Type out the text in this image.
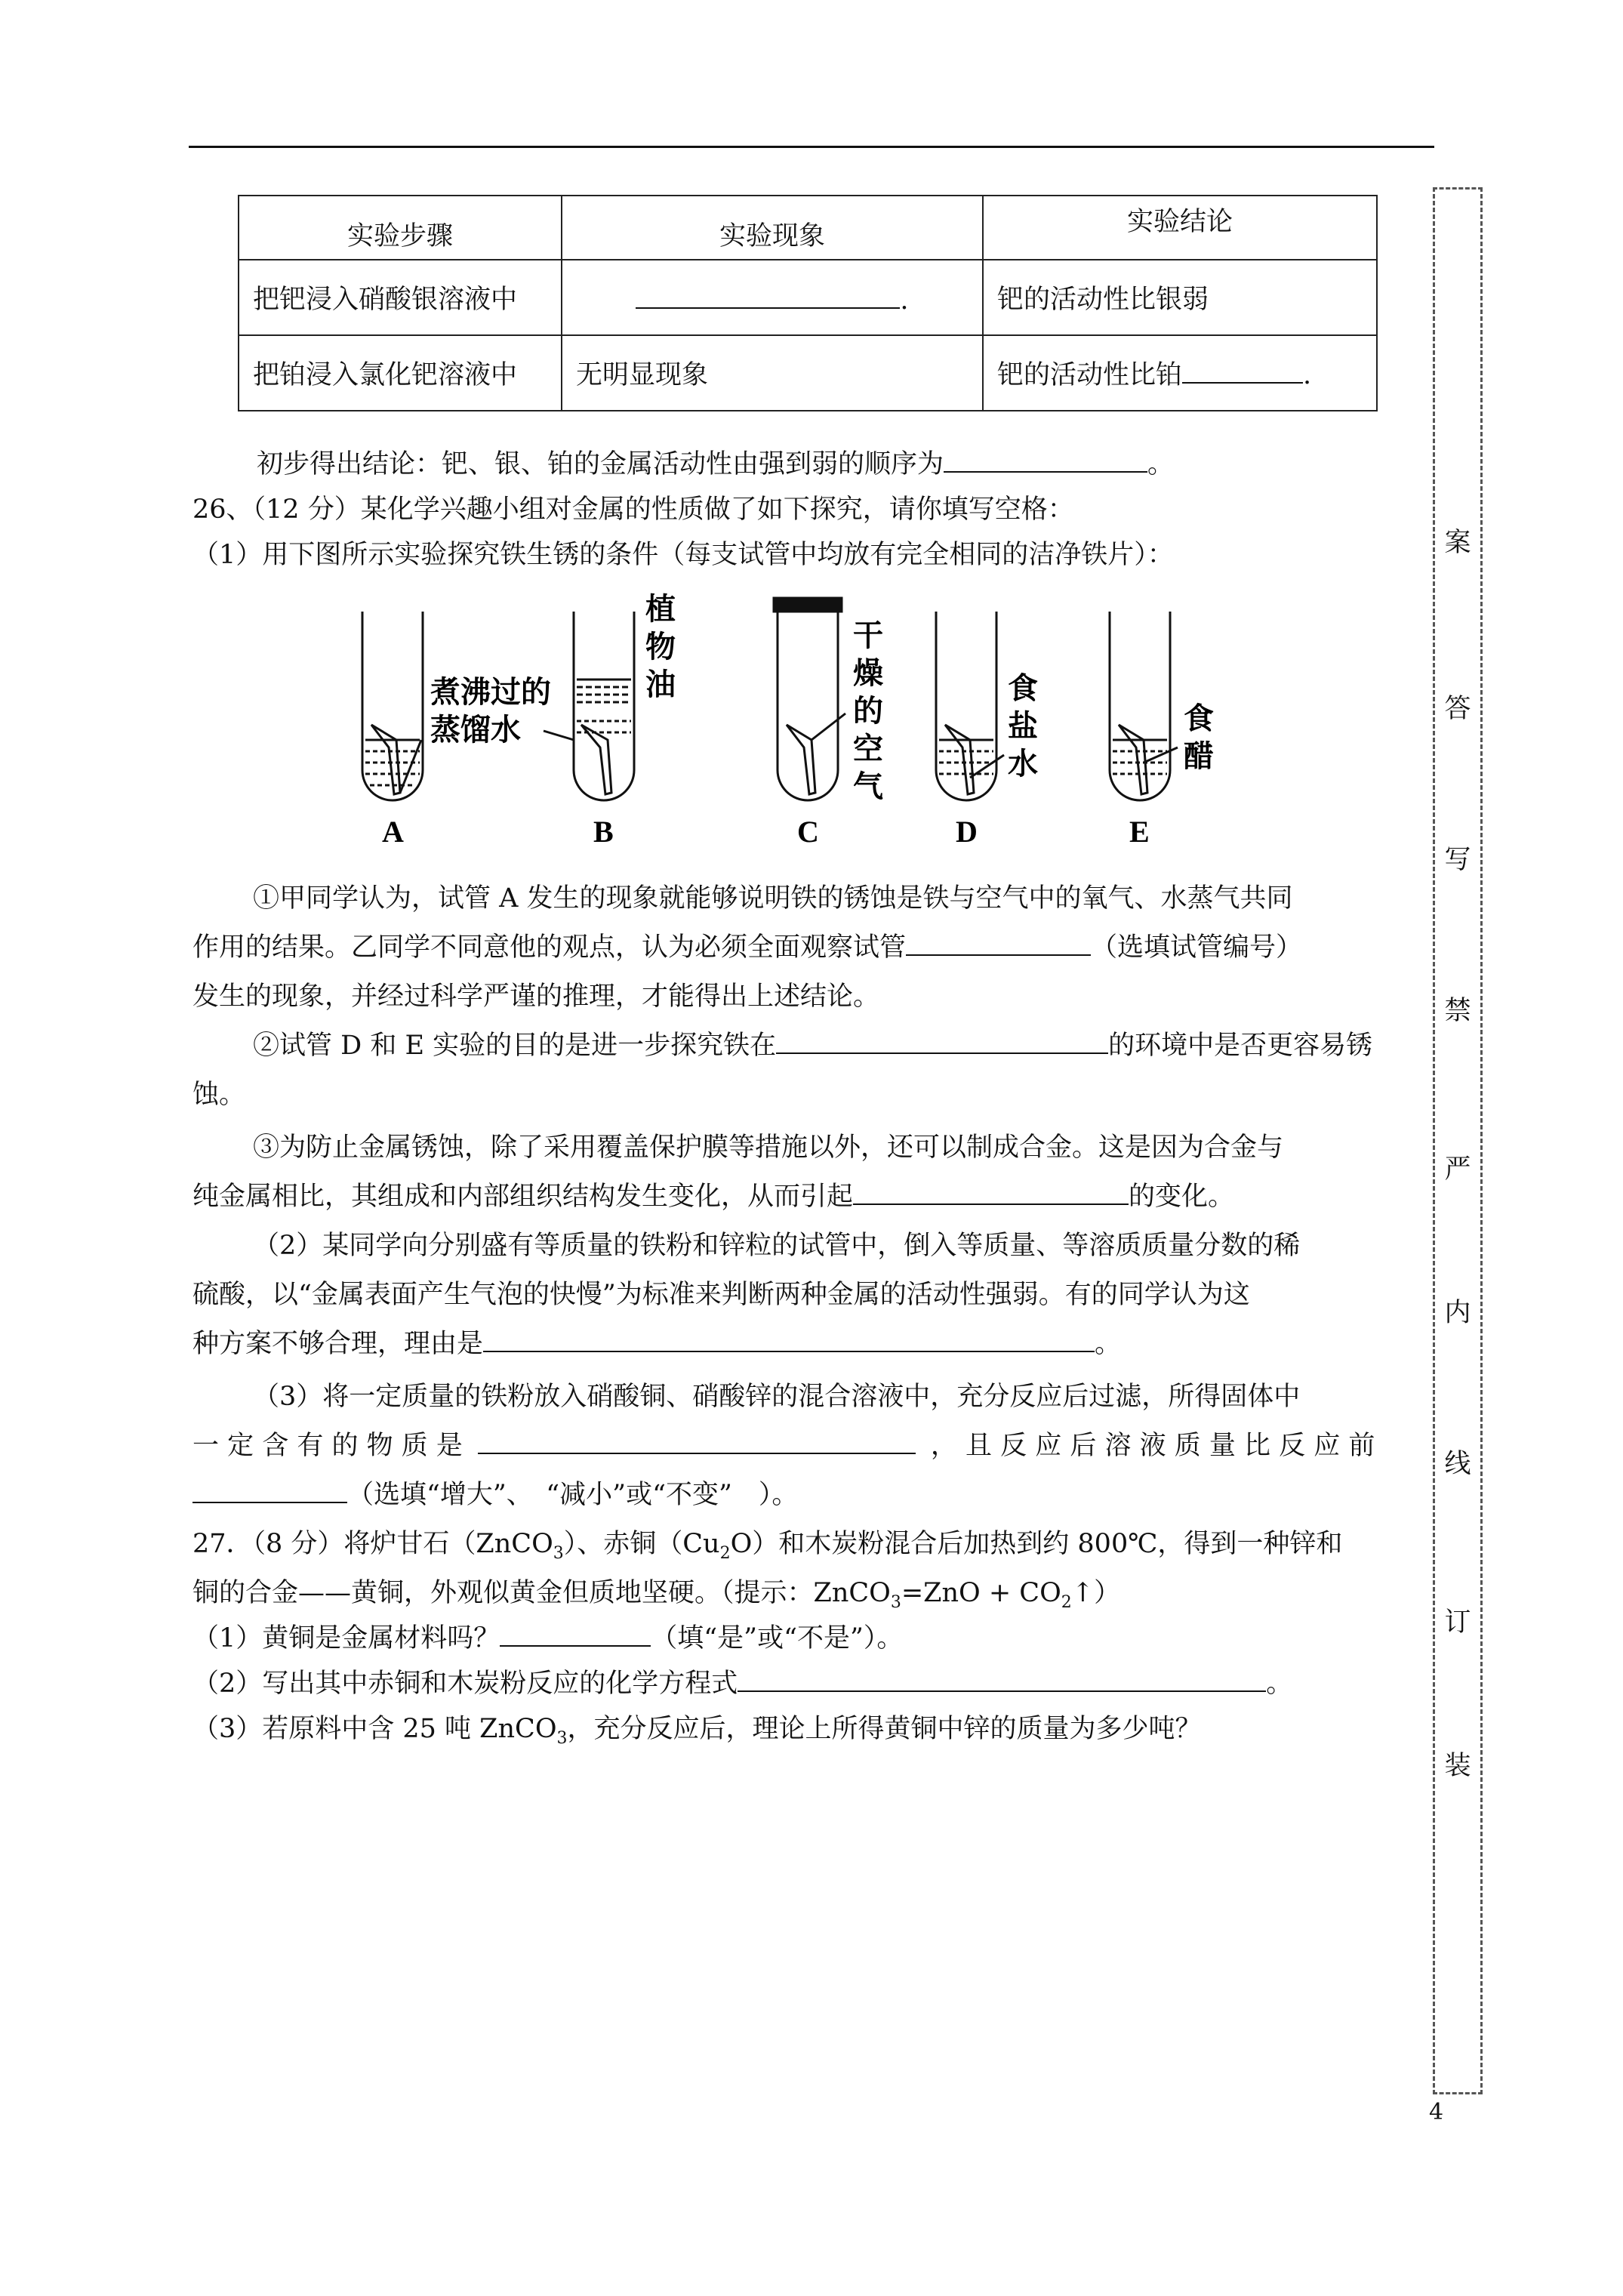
实验步骤	实验现象	实验结论
把钯浸入硝酸银溶液中	.	钯的活动性比银弱
把铂浸入氯化钯溶液中	无明显现象	钯的活动性比铂 .
初步得出结论：钯、银、铂的金属活动性由强到弱的顺序为	。
26、（12 分）某化学兴趣小组对金属的性质做了如下探究，请你填写空格：
（1）用下图所示实验探究铁生锈的条件（每支试管中均放有完全相同的洁净铁片）：
煮沸过的
蒸馏水
植
物
油
干
燥
的
空
气
食
盐
水
食
醋
A	B	C	D	E
①甲同学认为，试管 A 发生的现象就能够说明铁的锈蚀是铁与空气中的氧气、水蒸气共同
作用的结果。乙同学不同意他的观点，认为必须全面观察试管	（选填试管编号）
发生的现象，并经过科学严谨的推理，才能得出上述结论。
②试管 D 和 E 实验的目的是进一步探究铁在	的环境中是否更容易锈
蚀。
③为防止金属锈蚀，除了采用覆盖保护膜等措施以外，还可以制成合金。这是因为合金与
纯金属相比，其组成和内部组织结构发生变化，从而引起	的变化。
（2）某同学向分别盛有等质量的铁粉和锌粒的试管中，倒入等质量、等溶质质量分数的稀
硫酸，以“金属表面产生气泡的快慢”为标准来判断两种金属的活动性强弱。有的同学认为这
种方案不够合理，理由是	。
（3）将一定质量的铁粉放入硝酸铜、硝酸锌的混合溶液中，充分反应后过滤，所得固体中
一 定 含 有 的 物 质 是	， 且 反 应 后 溶 液 质 量 比 反 应 前
（选填“增大”、　“减小”或“不变”　）。
27．（8 分）将炉甘石（ZnCO$_3$）、赤铜$(Cu_2O)$和木炭粉混合后加热到约 800℃，得到一种锌和
铜的合金——黄铜，外观似黄金但质地坚硬。（提示：ZnCO$_3$=ZnO + $CO_2↑$）
（1）黄铜是金属材料吗？	（填“是”或“不是”）。
（2）写出其中赤铜和木炭粉反应的化学方程式	。
（3）若原料中含 25 吨 ZnCO$_3$，充分反应后，理论上所得黄铜中锌的质量为多少吨？
案
答
写
禁
严
内
线
订
装
4
